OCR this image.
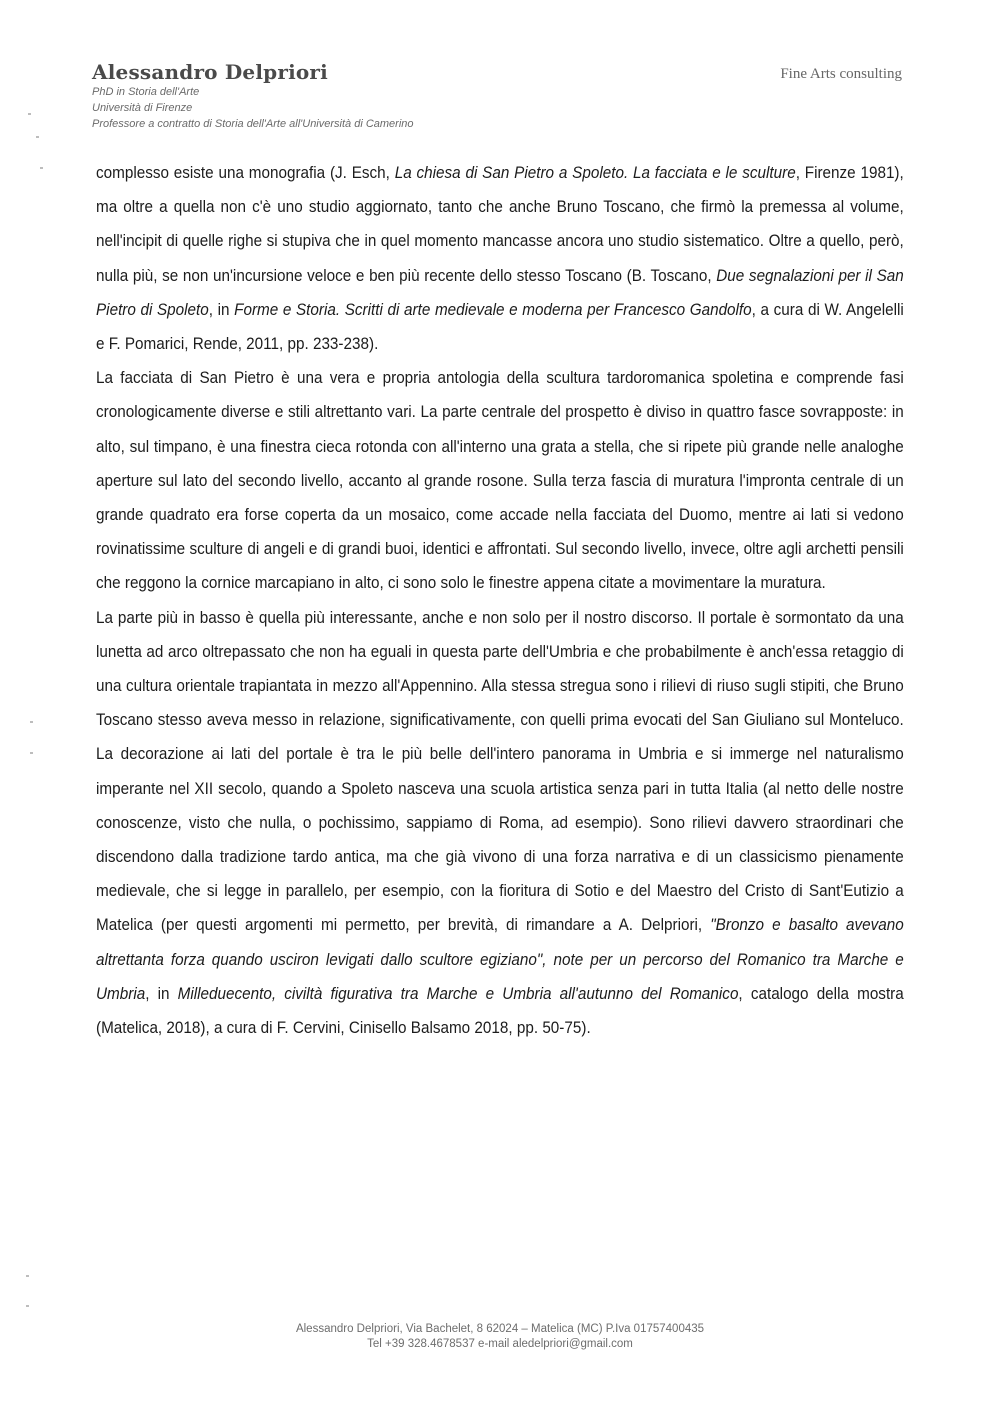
Alessandro Delpriori
PhD in Storia dell'Arte
Università di Firenze
Professore a contratto di Storia dell'Arte all'Università di Camerino
Fine Arts consulting

complesso esiste una monografia (J. Esch, La chiesa di San Pietro a Spoleto. La facciata e le sculture, Firenze 1981), ma oltre a quella non c'è uno studio aggiornato, tanto che anche Bruno Toscano, che firmò la premessa al volume, nell'incipit di quelle righe si stupiva che in quel momento mancasse ancora uno studio sistematico. Oltre a quello, però, nulla più, se non un'incursione veloce e ben più recente dello stesso Toscano (B. Toscano, Due segnalazioni per il San Pietro di Spoleto, in Forme e Storia. Scritti di arte medievale e moderna per Francesco Gandolfo, a cura di W. Angelelli e F. Pomarici, Rende, 2011, pp. 233-238).

La facciata di San Pietro è una vera e propria antologia della scultura tardoromanica spoletina e comprende fasi cronologicamente diverse e stili altrettanto vari. La parte centrale del prospetto è diviso in quattro fasce sovrapposte: in alto, sul timpano, è una finestra cieca rotonda con all'interno una grata a stella, che si ripete più grande nelle analoghe aperture sul lato del secondo livello, accanto al grande rosone. Sulla terza fascia di muratura l'impronta centrale di un grande quadrato era forse coperta da un mosaico, come accade nella facciata del Duomo, mentre ai lati si vedono rovinatissime sculture di angeli e di grandi buoi, identici e affrontati. Sul secondo livello, invece, oltre agli archetti pensili che reggono la cornice marcapiano in alto, ci sono solo le finestre appena citate a movimentare la muratura.

La parte più in basso è quella più interessante, anche e non solo per il nostro discorso. Il portale è sormontato da una lunetta ad arco oltrepassato che non ha eguali in questa parte dell'Umbria e che probabilmente è anch'essa retaggio di una cultura orientale trapiantata in mezzo all'Appennino. Alla stessa stregua sono i rilievi di riuso sugli stipiti, che Bruno Toscano stesso aveva messo in relazione, significativamente, con quelli prima evocati del San Giuliano sul Monteluco. La decorazione ai lati del portale è tra le più belle dell'intero panorama in Umbria e si immerge nel naturalismo imperante nel XII secolo, quando a Spoleto nasceva una scuola artistica senza pari in tutta Italia (al netto delle nostre conoscenze, visto che nulla, o pochissimo, sappiamo di Roma, ad esempio). Sono rilievi davvero straordinari che discendono dalla tradizione tardo antica, ma che già vivono di una forza narrativa e di un classicismo pienamente medievale, che si legge in parallelo, per esempio, con la fioritura di Sotio e del Maestro del Cristo di Sant'Eutizio a Matelica (per questi argomenti mi permetto, per brevità, di rimandare a A. Delpriori, "Bronzo e basalto avevano altrettanta forza quando usciron levigati dallo scultore egiziano", note per un percorso del Romanico tra Marche e Umbria, in Milleduecento, civiltà figurativa tra Marche e Umbria all'autunno del Romanico, catalogo della mostra (Matelica, 2018), a cura di F. Cervini, Cinisello Balsamo 2018, pp. 50-75).

Alessandro Delpriori, Via Bachelet, 8 62024 – Matelica (MC) P.Iva 01757400435
Tel +39 328.4678537 e-mail aledelpriori@gmail.com
